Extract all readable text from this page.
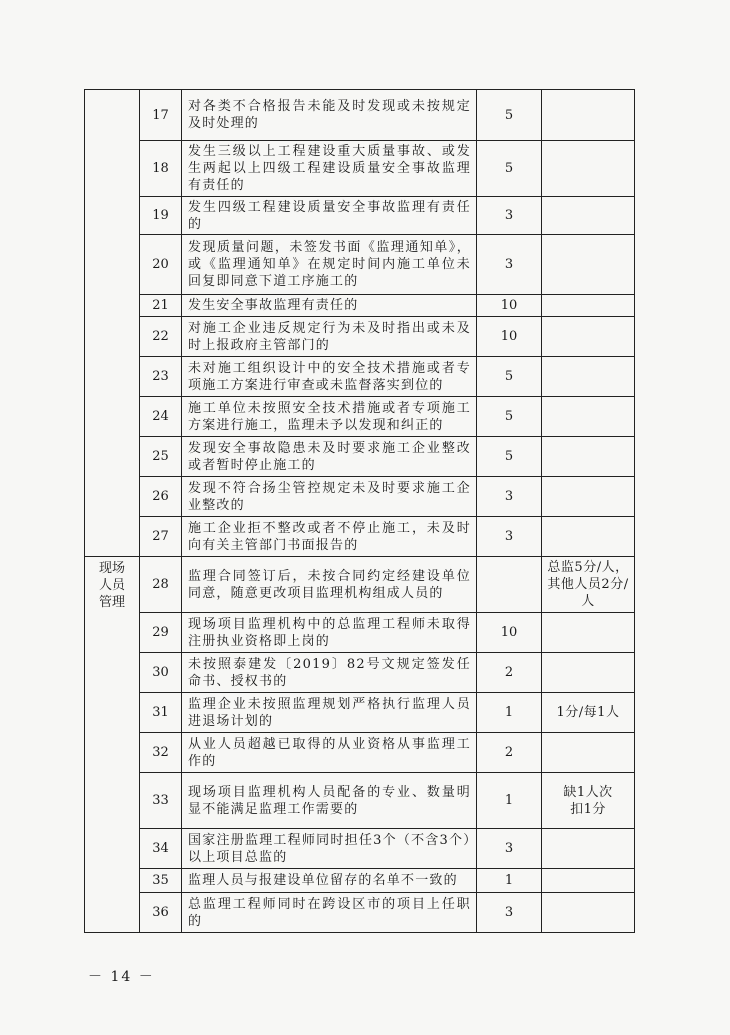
	17	对各类不合格报告未能及时发现或未按规定及时处理的	5	

	18	发生三级以上工程建设重大质量事故、或发生两起以上四级工程建设质量安全事故监理有责任的	5	

	19	发生四级工程建设质量安全事故监理有责任的	3	

	20	发现质量问题，未签发书面《监理通知单》，或《监理通知单》在规定时间内施工单位未回复即同意下道工序施工的	3	

	21	发生安全事故监理有责任的	10	

	22	对施工企业违反规定行为未及时指出或未及时上报政府主管部门的	10	

	23	未对施工组织设计中的安全技术措施或者专项施工方案进行审查或未监督落实到位的	5	

	24	施工单位未按照安全技术措施或者专项施工方案进行施工，监理未予以发现和纠正的	5	

	25	发现安全事故隐患未及时要求施工企业整改或者暂时停止施工的	5	

	26	发现不符合扬尘管控规定未及时要求施工企业整改的	3	

	27	施工企业拒不整改或者不停止施工，未及时向有关主管部门书面报告的	3	

现场
人员
管理	28	监理合同签订后，未按合同约定经建设单位同意，随意更改项目监理机构组成人员的		总监5分/人，其他人员2分/人

	29	现场项目监理机构中的总监理工程师未取得注册执业资格即上岗的	10	

	30	未按照泰建发〔2019〕82号文规定签发任命书、授权书的	2	

	31	监理企业未按照监理规划严格执行监理人员进退场计划的	1	1分/每1人

	32	从业人员超越已取得的从业资格从事监理工作的	2	

	33	现场项目监理机构人员配备的专业、数量明显不能满足监理工作需要的	1	缺1人次
扣1分

	34	国家注册监理工程师同时担任3个（不含3个）以上项目总监的	3	

	35	监理人员与报建设单位留存的名单不一致的	1	

	36	总监理工程师同时在跨设区市的项目上任职的	3	
－ 14 －
